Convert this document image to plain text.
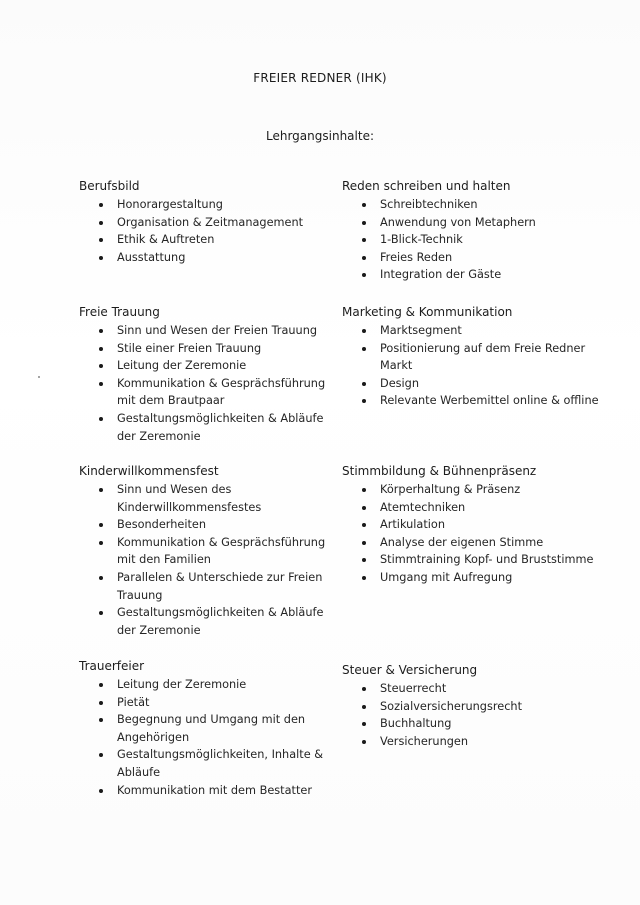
FREIER REDNER (IHK)
Lehrgangsinhalte:
Berufsbild
Honorargestaltung
Organisation & Zeitmanagement
Ethik & Auftreten
Ausstattung
Freie Trauung
Sinn und Wesen der Freien Trauung
Stile einer Freien Trauung
Leitung der Zeremonie
Kommunikation & Gesprächsführung mit dem Brautpaar
Gestaltungsmöglichkeiten & Abläufe der Zeremonie
Kinderwillkommensfest
Sinn und Wesen des Kinderwillkommensfestes
Besonderheiten
Kommunikation & Gesprächsführung mit den Familien
Parallelen & Unterschiede zur Freien Trauung
Gestaltungsmöglichkeiten & Abläufe der Zeremonie
Trauerfeier
Leitung der Zeremonie
Pietät
Begegnung und Umgang mit den Angehörigen
Gestaltungsmöglichkeiten, Inhalte & Abläufe
Kommunikation mit dem Bestatter
Reden schreiben und halten
Schreibtechniken
Anwendung von Metaphern
1-Blick-Technik
Freies Reden
Integration der Gäste
Marketing & Kommunikation
Marktsegment
Positionierung auf dem Freie Redner Markt
Design
Relevante Werbemittel online & offline
Stimmbildung & Bühnenpräsenz
Körperhaltung & Präsenz
Atemtechniken
Artikulation
Analyse der eigenen Stimme
Stimmtraining Kopf- und Bruststimme
Umgang mit Aufregung
Steuer & Versicherung
Steuerrecht
Sozialversicherungsrecht
Buchhaltung
Versicherungen
